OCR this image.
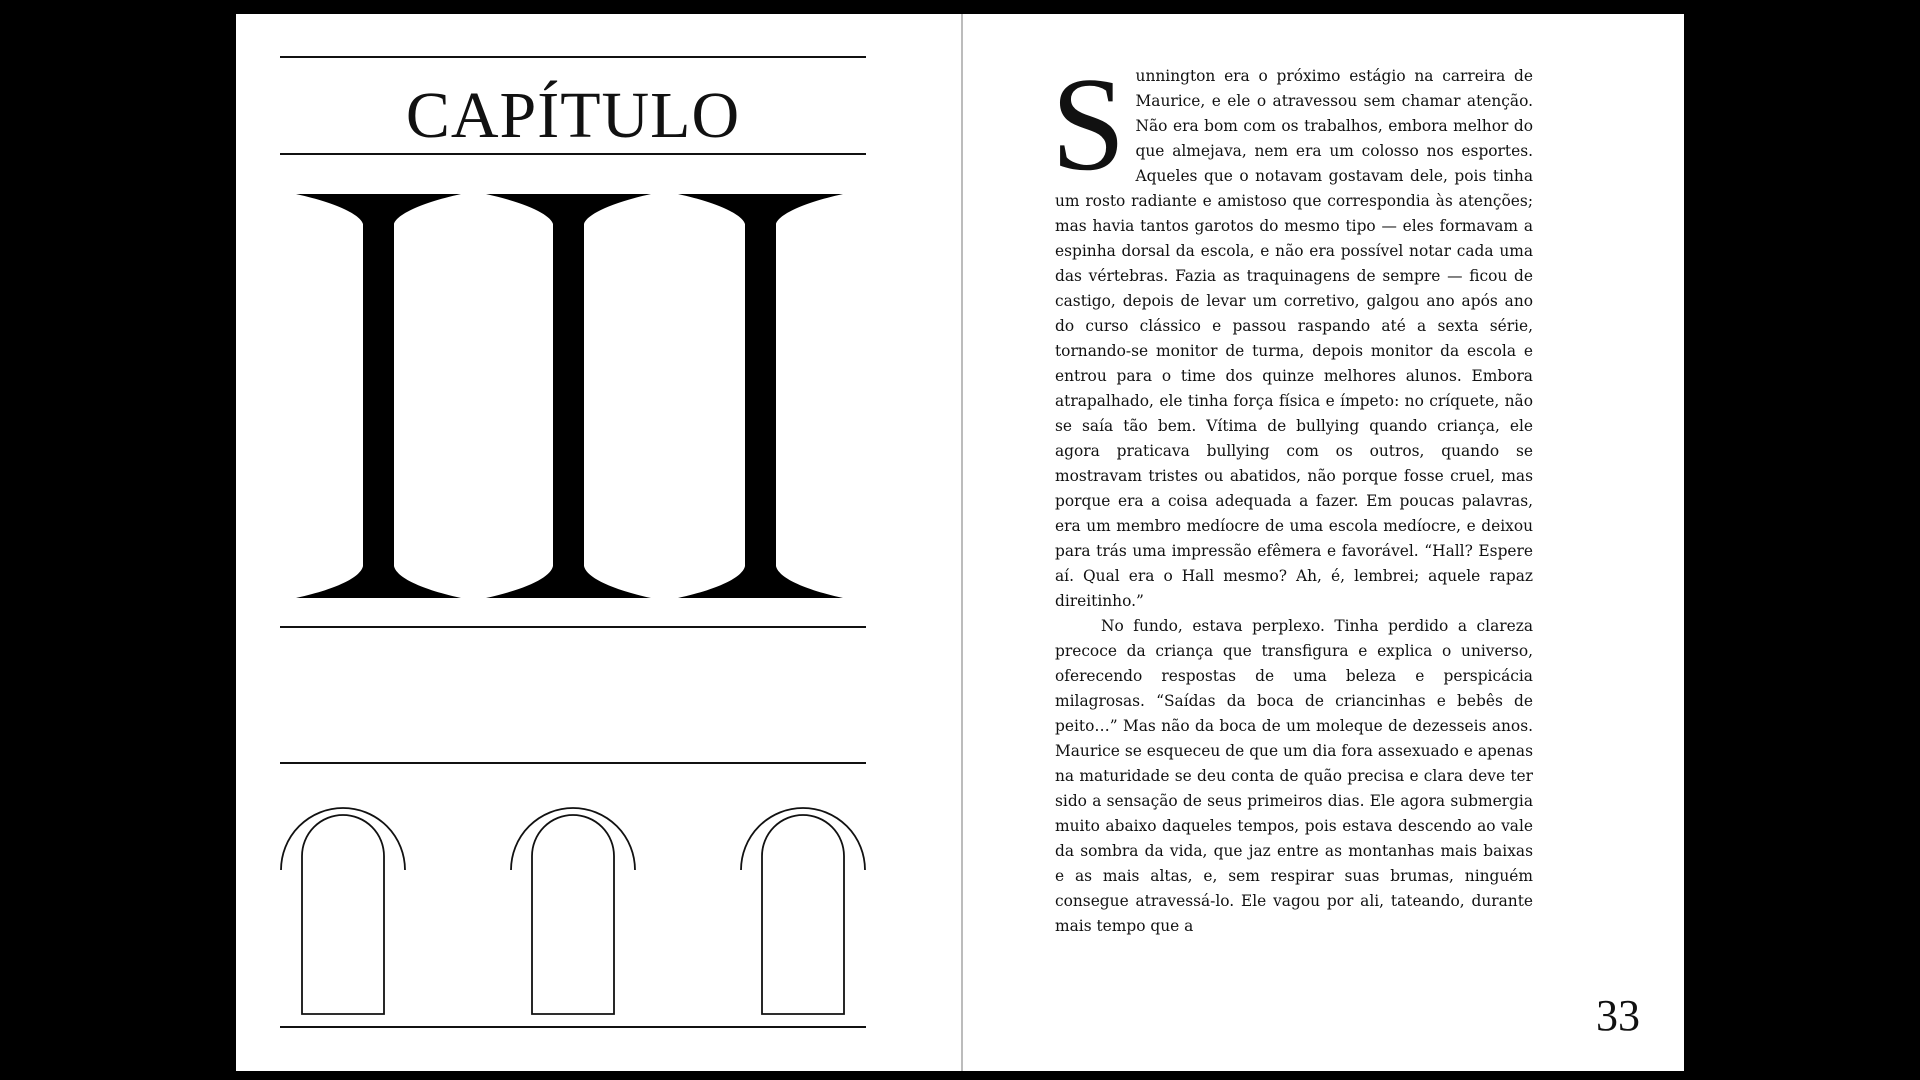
CAPÍTULO	Sunnington era o próximo estágio na carreira de Maurice, e ele o atravessou sem chamar atenção. Não era bom com os trabalhos, embora melhor do que almejava, nem era um colosso nos esportes. Aqueles que o notavam gostavam dele, pois tinha um rosto radiante e amistoso que correspondia às atenções; mas havia tantos garotos do mesmo tipo — eles formavam a espinha dorsal da escola, e não era possível notar cada uma das vértebras. Fazia as traquinagens de sempre — ficou de castigo, depois de levar um corretivo, galgou ano após ano do curso clássico e passou raspando até a sexta série, tornando-se monitor de turma, depois monitor da escola e entrou para o time dos quinze melhores alunos. Embora atrapalhado, ele tinha força física e ímpeto: no críquete, não se saía tão bem. Vítima de bullying quando criança, ele agora praticava bullying com os outros, quando se mostravam tristes ou abatidos, não porque fosse cruel, mas porque era a coisa adequada a fazer. Em poucas palavras, era um membro medíocre de uma escola medíocre, e deixou para trás uma impressão efêmera e favorável. “Hall? Espere aí. Qual era o Hall mesmo? Ah, é, lembrei; aquele rapaz direitinho.”

No fundo, estava perplexo. Tinha perdido a clareza precoce da criança que transfigura e explica o universo, oferecendo respostas de uma beleza e perspicácia milagrosas. “Saídas da boca de criancinhas e bebês de peito…” Mas não da boca de um moleque de dezesseis anos. Maurice se esqueceu de que um dia fora assexuado e apenas na maturidade se deu conta de quão precisa e clara deve ter sido a sensação de seus primeiros dias. Ele agora submergia muito abaixo daqueles tempos, pois estava descendo ao vale da sombra da vida, que jaz entre as montanhas mais baixas e as mais altas, e, sem respirar suas brumas, ninguém consegue atravessá-lo. Ele vagou por ali, tateando, durante mais tempo que a

33
